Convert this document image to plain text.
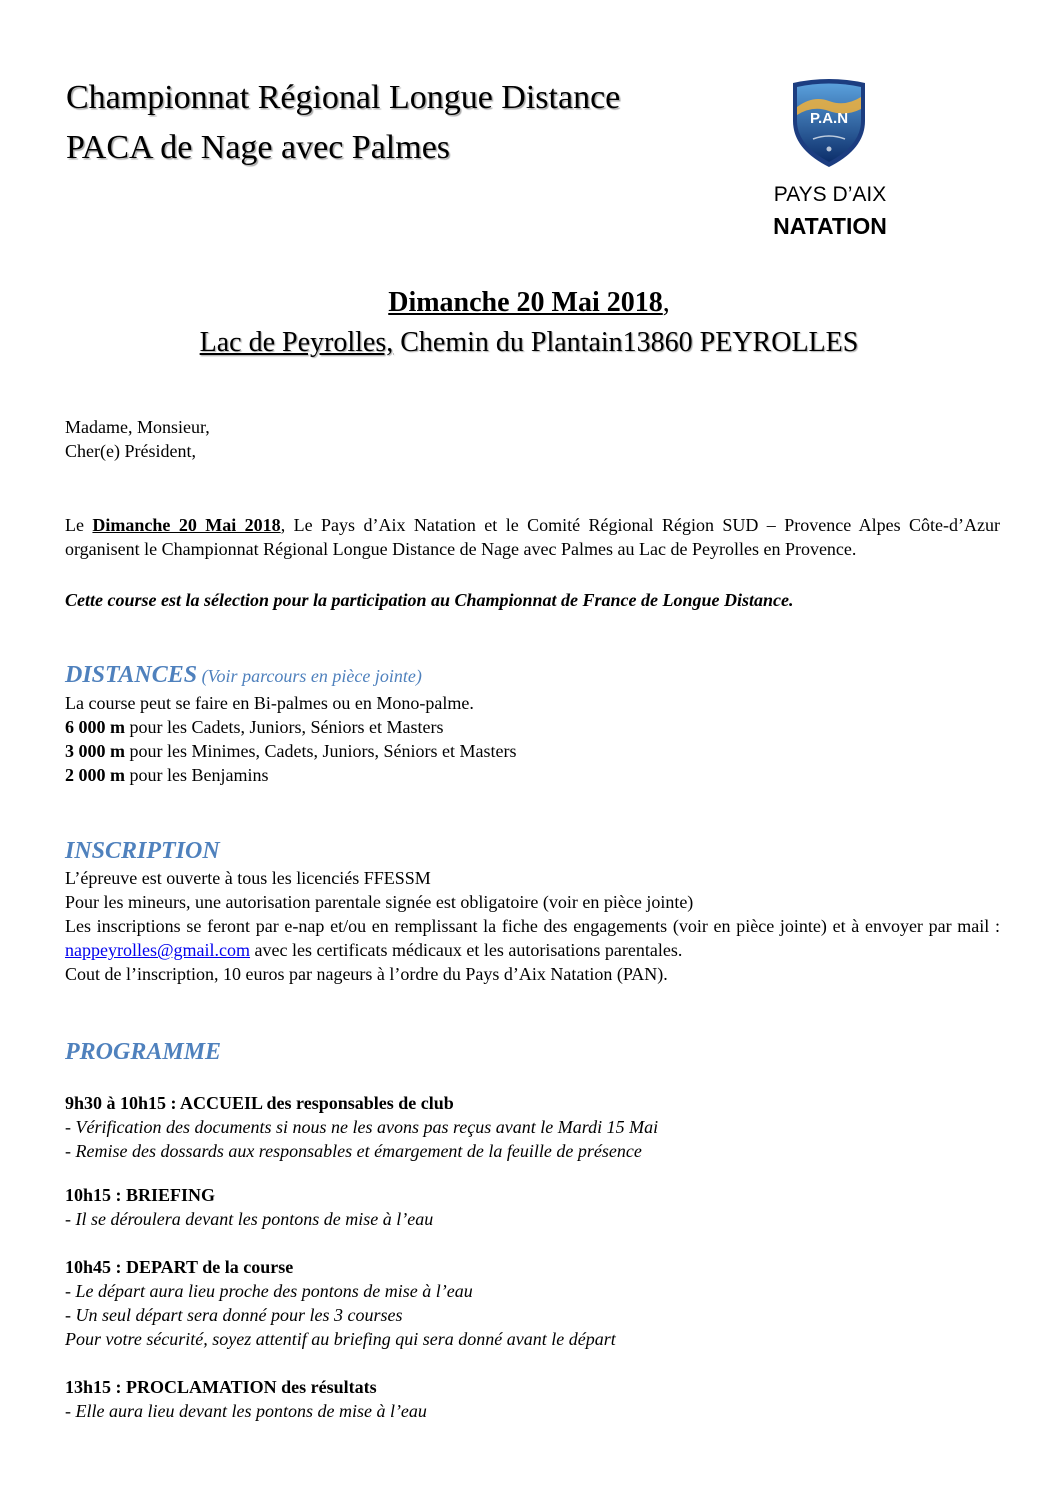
Championnat Régional Longue Distance
PACA de Nage avec Palmes
P.A.N
PAYS D’AIX
NATATION
Dimanche 20 Mai 2018,
Lac de Peyrolles, Chemin du Plantain13860 PEYROLLES
Madame, Monsieur,
Cher(e) Président,
Le Dimanche 20 Mai 2018, Le Pays d’Aix Natation et le Comité Régional Région SUD – Provence Alpes Côte-d’Azur organisent le Championnat Régional Longue Distance de Nage avec Palmes au Lac de Peyrolles en Provence.
Cette course est la sélection pour la participation au Championnat de France de Longue Distance.
DISTANCES (Voir parcours en pièce jointe)
La course peut se faire en Bi-palmes ou en Mono-palme.
6 000 m pour les Cadets, Juniors, Séniors et Masters
3 000 m pour les Minimes, Cadets, Juniors, Séniors et Masters
2 000 m pour les Benjamins
INSCRIPTION
L’épreuve est ouverte à tous les licenciés FFESSM
Pour les mineurs, une autorisation parentale signée est obligatoire (voir en pièce jointe)
Les inscriptions se feront par e-nap et/ou en remplissant la fiche des engagements (voir en pièce jointe) et à envoyer par mail : nappeyrolles@gmail.com avec les certificats médicaux et les autorisations parentales.
Cout de l’inscription, 10 euros par nageurs à l’ordre du Pays d’Aix Natation (PAN).
PROGRAMME
9h30 à 10h15 : ACCUEIL des responsables de club
- Vérification des documents si nous ne les avons pas reçus avant le Mardi 15 Mai
- Remise des dossards aux responsables et émargement de la feuille de présence
10h15 : BRIEFING
- Il se déroulera devant les pontons de mise à l’eau
10h45 : DEPART de la course
- Le départ aura lieu proche des pontons de mise à l’eau
- Un seul départ sera donné pour les 3 courses
Pour votre sécurité, soyez attentif au briefing qui sera donné avant le départ
13h15 : PROCLAMATION des résultats
- Elle aura lieu devant les pontons de mise à l’eau
